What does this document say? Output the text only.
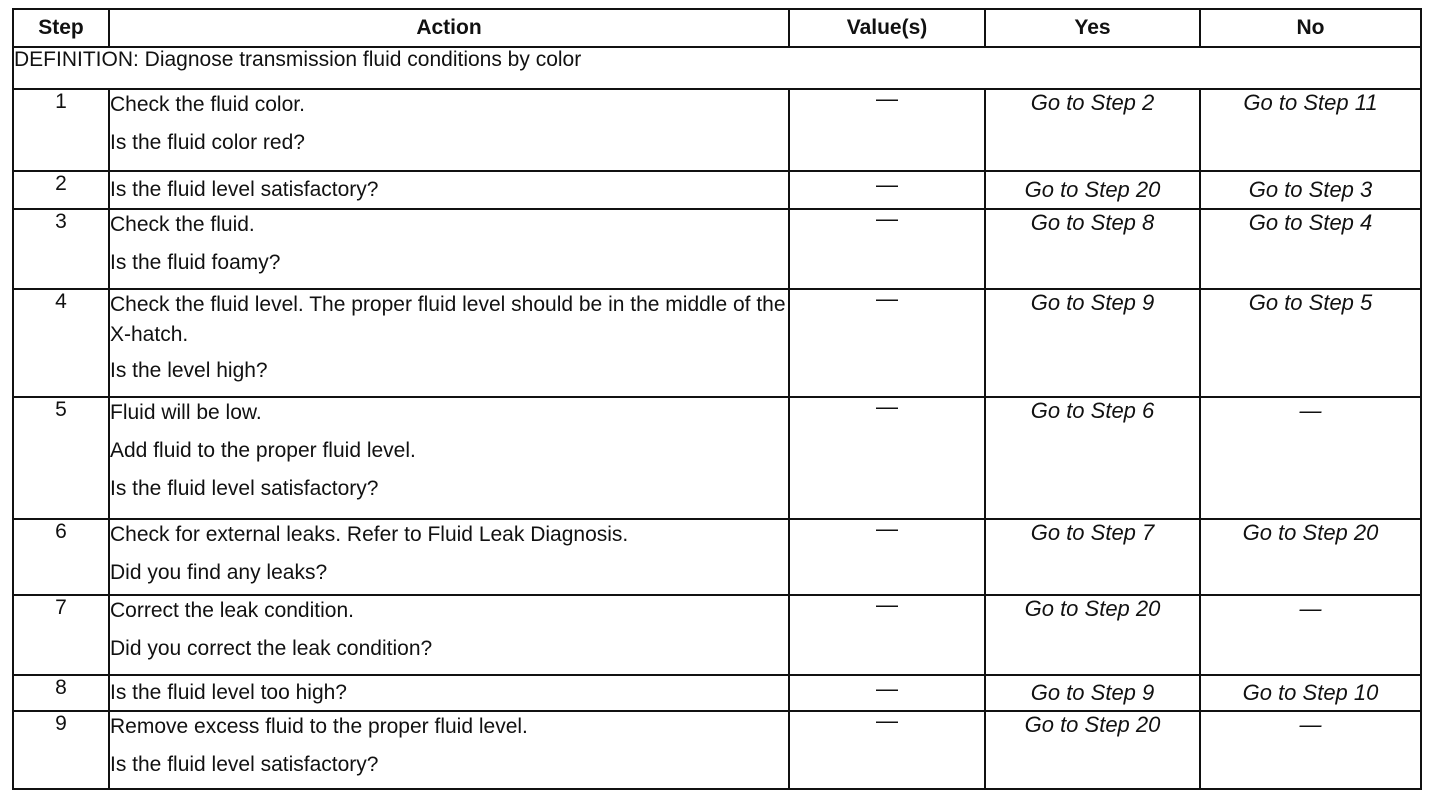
Step	Action	Value(s)	Yes	No
DEFINITION: Diagnose transmission fluid conditions by color				
1	Check the fluid color.
Is the fluid color red?	—	Go to Step 2	Go to Step 11
2	Is the fluid level satisfactory?	—	Go to Step 20	Go to Step 3
3	Check the fluid.
Is the fluid foamy?	—	Go to Step 8	Go to Step 4
4	Check the fluid level. The proper fluid level should be in the middle of the X-hatch.
Is the level high?	—	Go to Step 9	Go to Step 5
5	Fluid will be low.
Add fluid to the proper fluid level.
Is the fluid level satisfactory?	—	Go to Step 6	—
6	Check for external leaks. Refer to Fluid Leak Diagnosis.
Did you find any leaks?	—	Go to Step 7	Go to Step 20
7	Correct the leak condition.
Did you correct the leak condition?	—	Go to Step 20	—
8	Is the fluid level too high?	—	Go to Step 9	Go to Step 10
9	Remove excess fluid to the proper fluid level.
Is the fluid level satisfactory?	—	Go to Step 20	—
